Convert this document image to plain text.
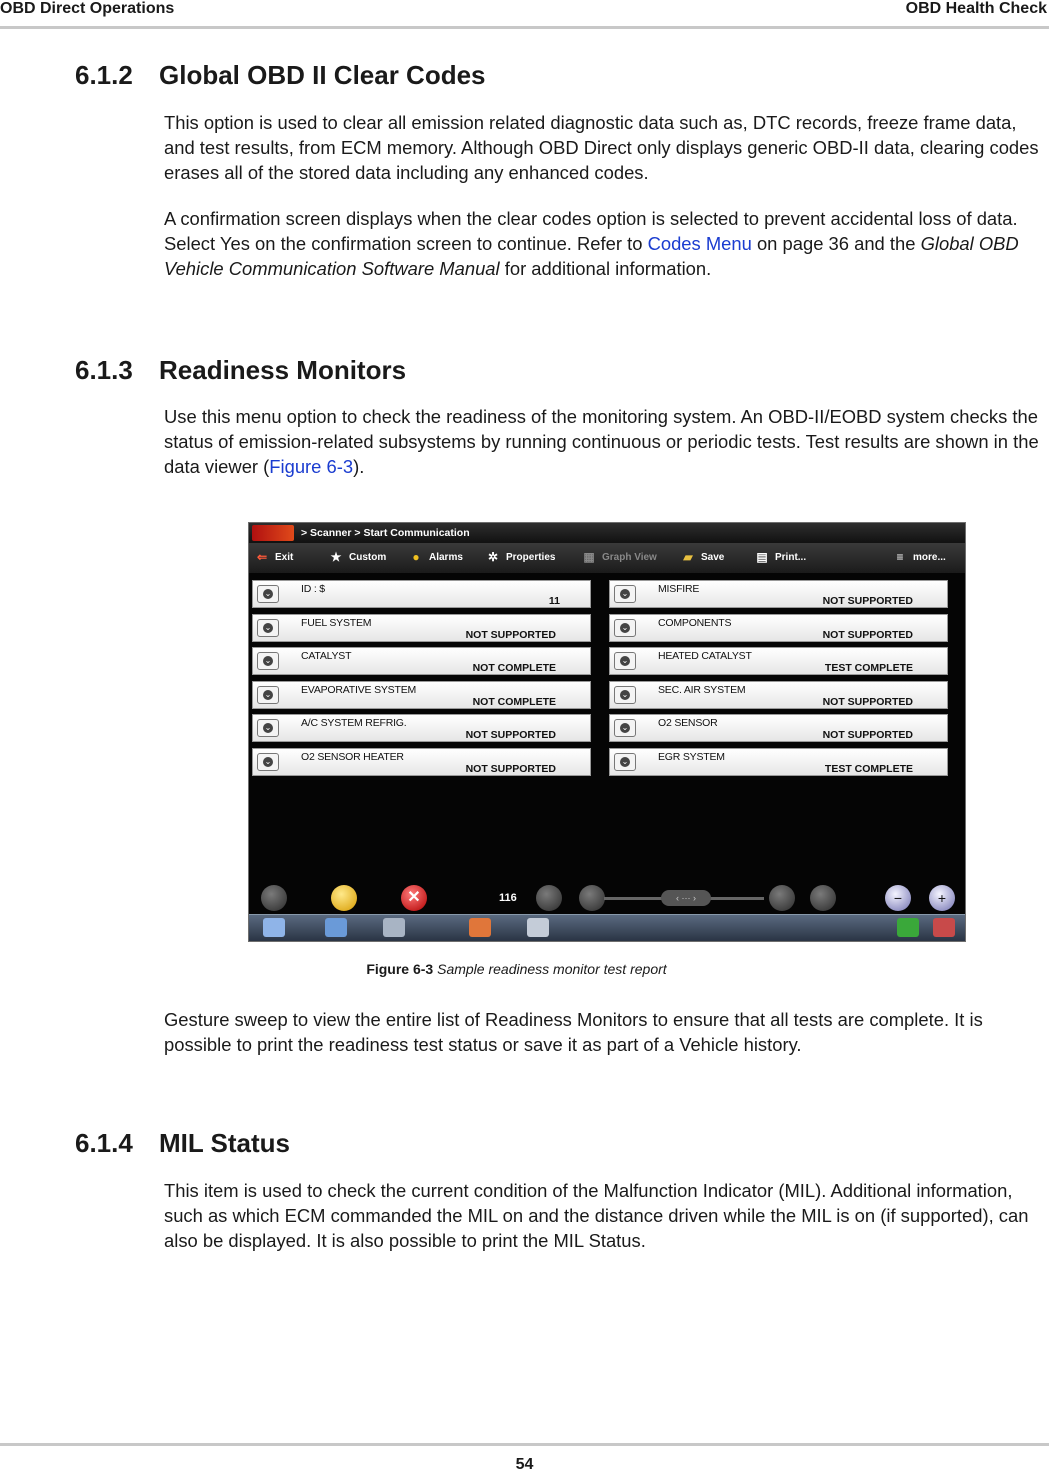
OBD Direct Operations	OBD Health Check
6.1.2 Global OBD II Clear Codes

This option is used to clear all emission related diagnostic data such as, DTC records, freeze frame data, and test results, from ECM memory. Although OBD Direct only displays generic OBD-II data, clearing codes erases all of the stored data including any enhanced codes.

A confirmation screen displays when the clear codes option is selected to prevent accidental loss of data. Select Yes on the confirmation screen to continue. Refer to Codes Menu on page 36 and the Global OBD Vehicle Communication Software Manual for additional information.

6.1.3 Readiness Monitors

Use this menu option to check the readiness of the monitoring system. An OBD-II/EOBD system checks the status of emission-related subsystems by running continuous or periodic tests. Test results are shown in the data viewer (Figure 6-3).

> Scanner > Start Communication
⇐ Exit	★ Custom ● Alarms ✲ Properties ▦ Graph View ▰ Save	▤ Print...	≡ more...
⌄	ID : $
11
⌄	FUEL SYSTEM
NOT SUPPORTED
⌄	CATALYST
NOT COMPLETE
⌄	EVAPORATIVE SYSTEM
NOT COMPLETE
⌄	A/C SYSTEM REFRIG.
NOT SUPPORTED
⌄	O2 SENSOR HEATER
NOT SUPPORTED
⌄	MISFIRE
NOT SUPPORTED
⌄	COMPONENTS
NOT SUPPORTED
⌄	HEATED CATALYST
TEST COMPLETE
⌄	SEC. AIR SYSTEM
NOT SUPPORTED
⌄	O2 SENSOR
NOT SUPPORTED
⌄	EGR SYSTEM
TEST COMPLETE
✕	116	‹ ··· ›	−	+
Figure 6-3 Sample readiness monitor test report

Gesture sweep to view the entire list of Readiness Monitors to ensure that all tests are complete. It is possible to print the readiness test status or save it as part of a Vehicle history.

6.1.4 MIL Status

This item is used to check the current condition of the Malfunction Indicator (MIL). Additional information, such as which ECM commanded the MIL on and the distance driven while the MIL is on (if supported), can also be displayed. It is also possible to print the MIL Status.

54
